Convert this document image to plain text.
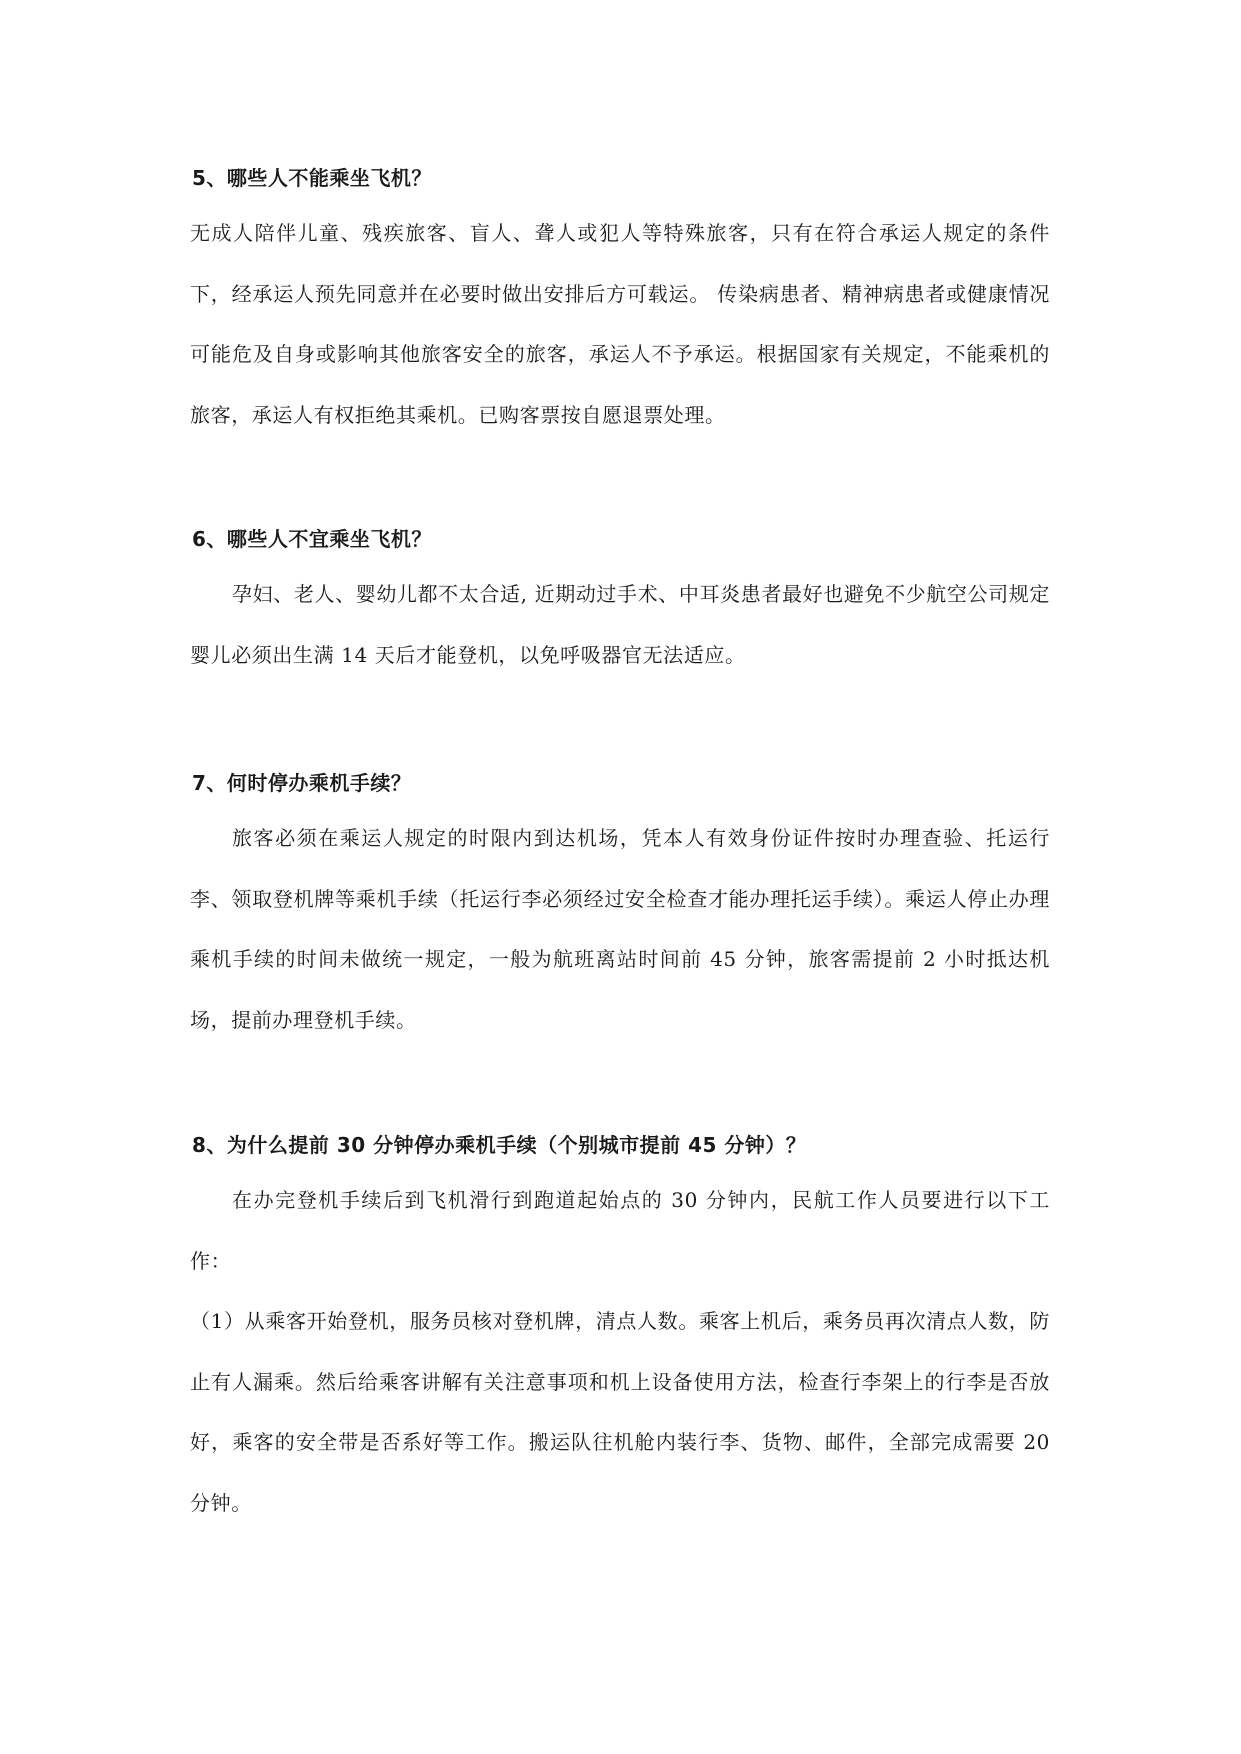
5、哪些人不能乘坐飞机？

无成人陪伴儿童、残疾旅客、盲人、聋人或犯人等特殊旅客，只有在符合承运人规定的条件下，经承运人预先同意并在必要时做出安排后方可载运。 传染病患者、精神病患者或健康情况可能危及自身或影响其他旅客安全的旅客，承运人不予承运。根据国家有关规定，不能乘机的旅客，承运人有权拒绝其乘机。已购客票按自愿退票处理。

6、哪些人不宜乘坐飞机？

孕妇、老人、婴幼儿都不太合适, 近期动过手术、中耳炎患者最好也避免不少航空公司规定婴儿必须出生满 14 天后才能登机，以免呼吸器官无法适应。

7、何时停办乘机手续？

旅客必须在乘运人规定的时限内到达机场，凭本人有效身份证件按时办理查验、托运行李、领取登机牌等乘机手续（托运行李必须经过安全检查才能办理托运手续）。乘运人停止办理乘机手续的时间未做统一规定，一般为航班离站时间前 45 分钟，旅客需提前 2 小时抵达机场，提前办理登机手续。

8、为什么提前 30 分钟停办乘机手续（个别城市提前 45 分钟）？

在办完登机手续后到飞机滑行到跑道起始点的 30 分钟内，民航工作人员要进行以下工作：

（1）从乘客开始登机，服务员核对登机牌，清点人数。乘客上机后，乘务员再次清点人数，防止有人漏乘。然后给乘客讲解有关注意事项和机上设备使用方法，检查行李架上的行李是否放好，乘客的安全带是否系好等工作。搬运队往机舱内装行李、货物、邮件，全部完成需要 20 分钟。
